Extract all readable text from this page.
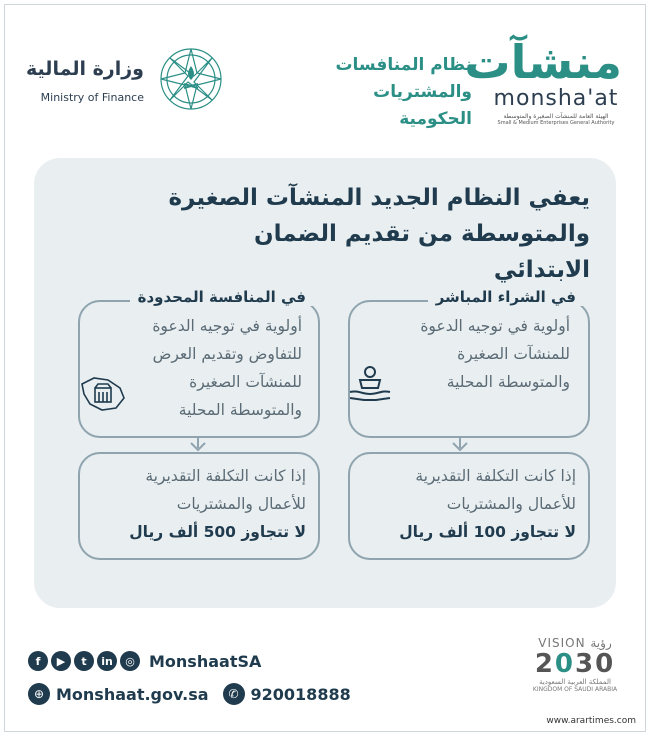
منشآت
monsha'at
الهيئة العامة للمنشآت الصغيرة والمتوسطة
Small & Medium Enterprises General Authority
نظام المنافسات
والمشتريات الحكومية
وزارة المالية
Ministry of Finance
يعفي النظام الجديد المنشآت الصغيرة
والمتوسطة من تقديم الضمان الابتدائي
في الشراء المباشر
أولوية في توجيه الدعوة
للمنشآت الصغيرة
والمتوسطة المحلية
إذا كانت التكلفة التقديرية
للأعمال والمشتريات
لا تتجاوز 100 ألف ريال
في المنافسة المحدودة
أولوية في توجيه الدعوة
للتفاوض وتقديم العرض
للمنشآت الصغيرة
والمتوسطة المحلية
إذا كانت التكلفة التقديرية
للأعمال والمشتريات
لا تتجاوز 500 ألف ريال
f	▶	t	in	◎ MonshaatSA
⊕ Monshaat.gov.sa	✆ 920018888
VISION رؤية
2030
المملكة العربية السعودية
KINGDOM OF SAUDI ARABIA
www.arartimes.com
